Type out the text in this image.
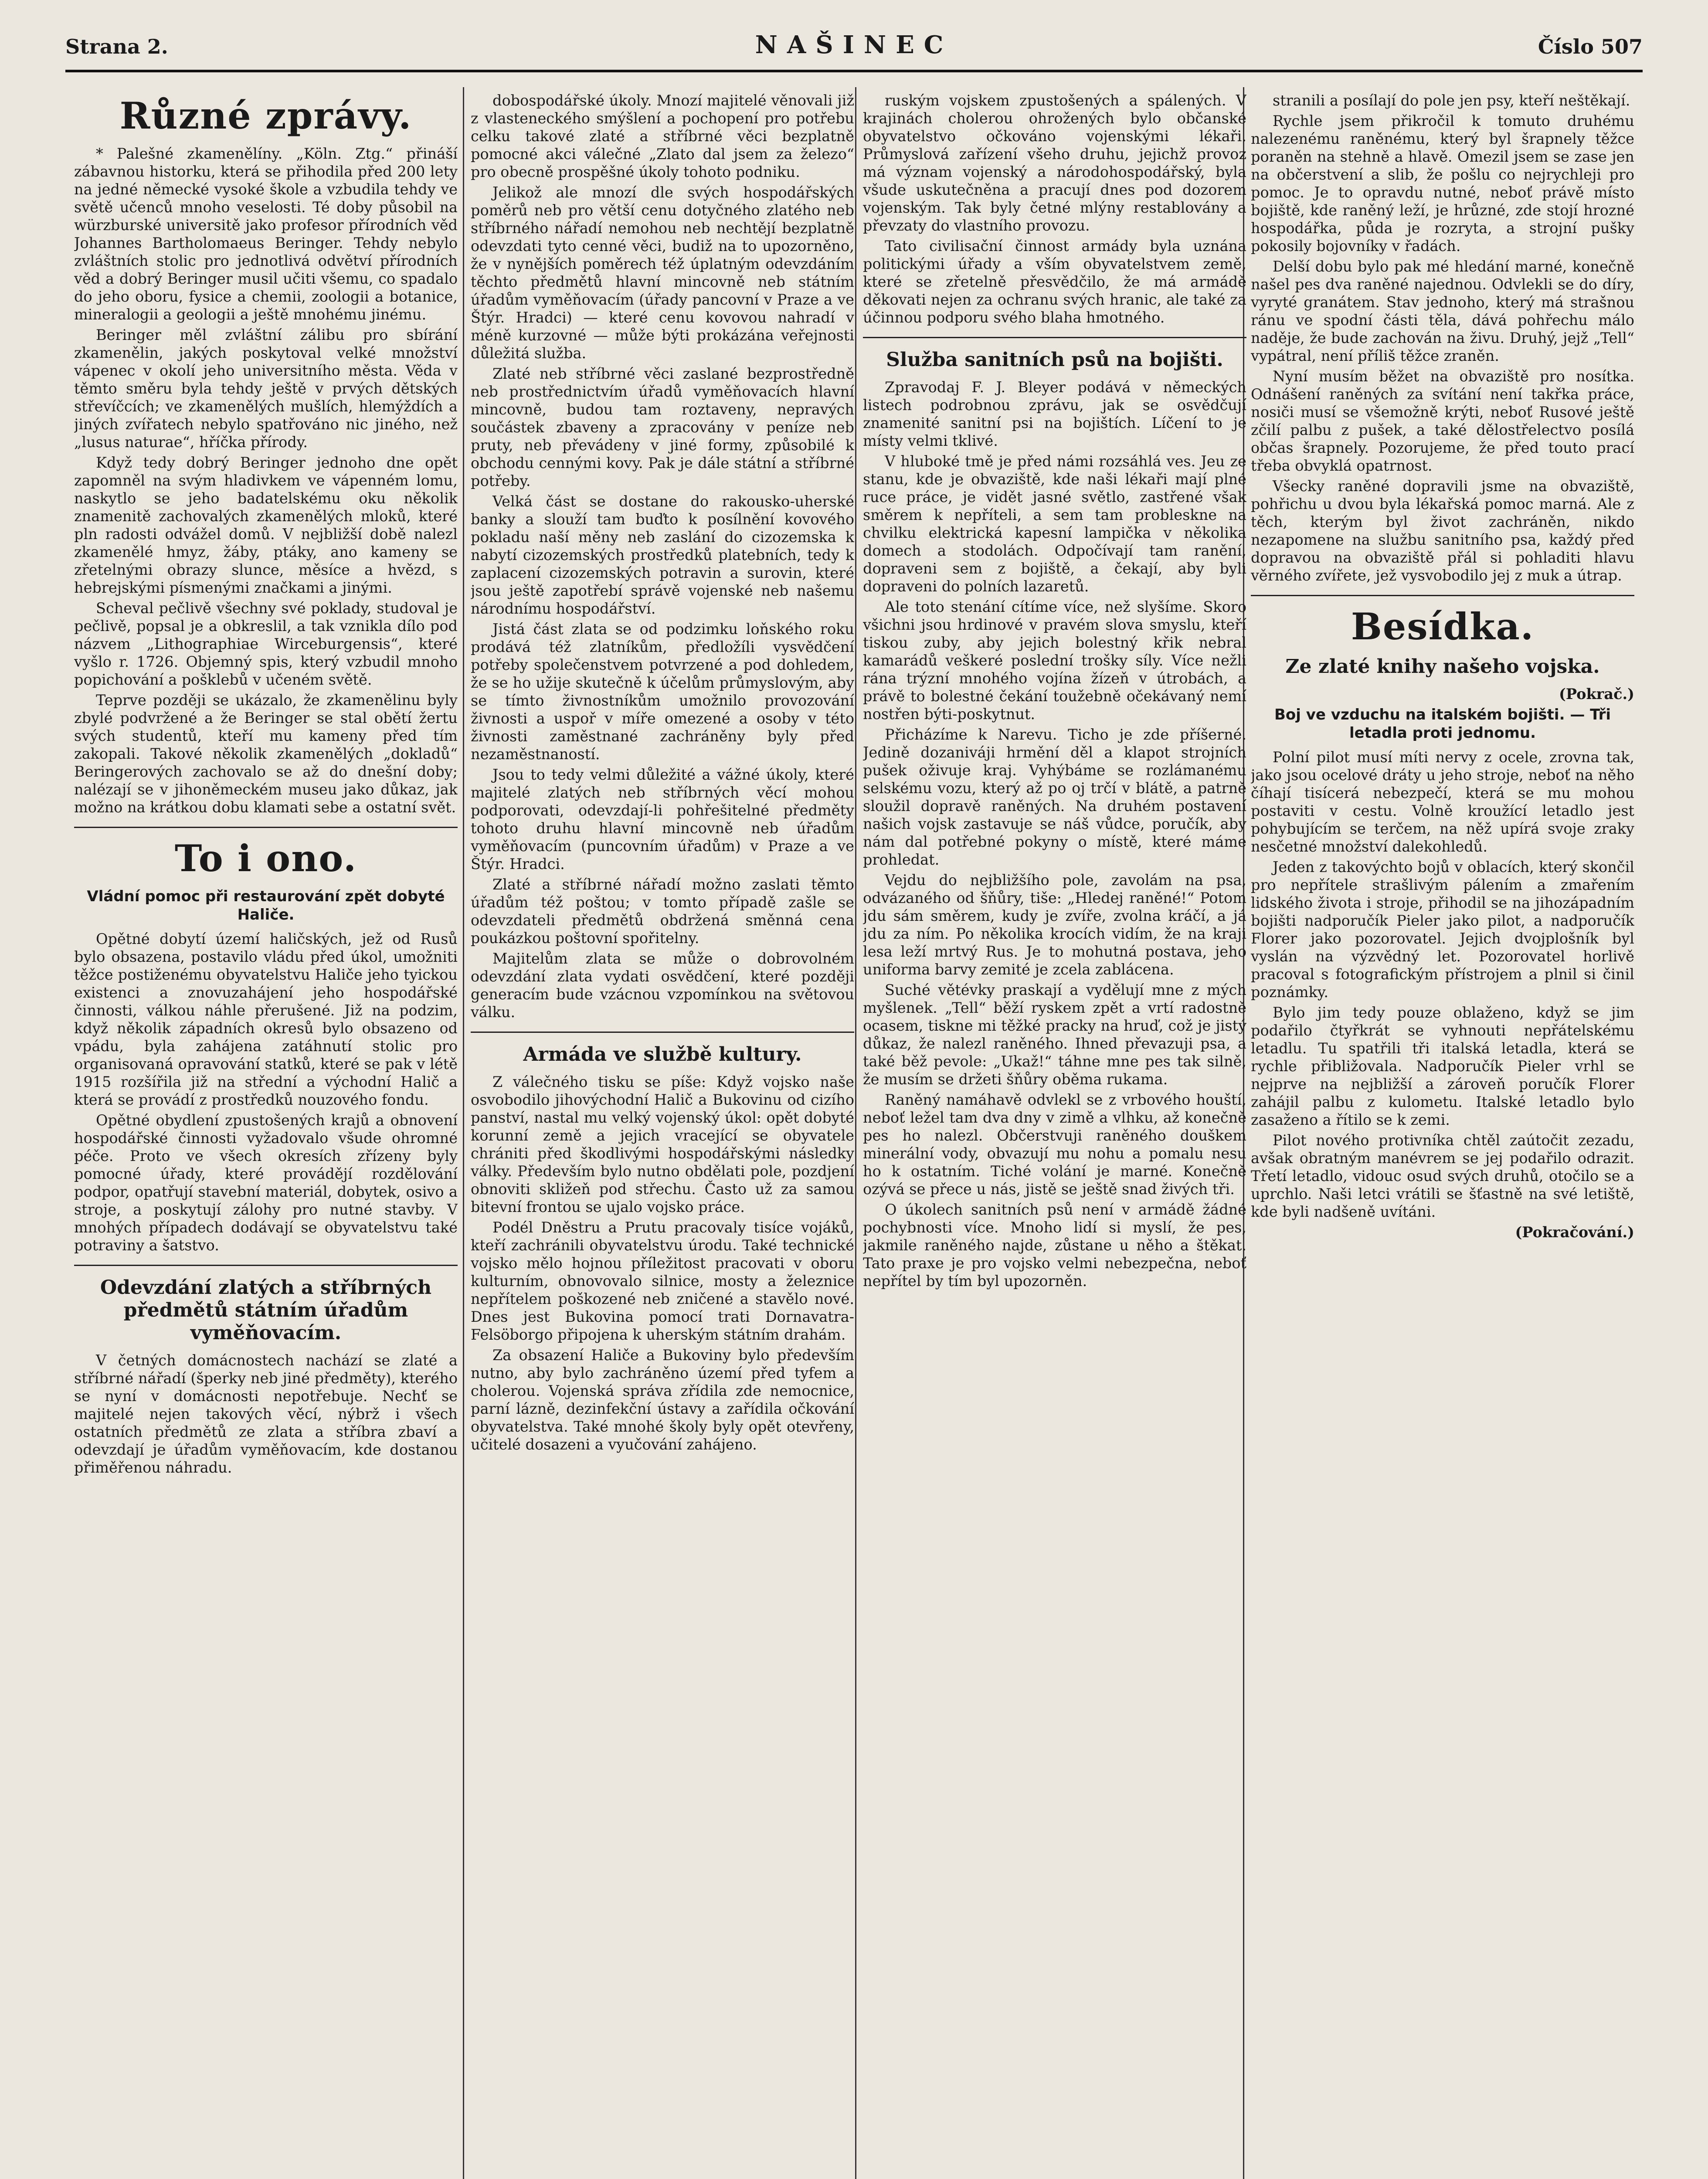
Strana 2.	NAŠINEC	Číslo 507
Různé zprávy.

* Palešné zkamenělíny. „Köln. Ztg.“ přináší zábavnou historku, která se přihodila před 200 lety na jedné německé vysoké škole a vzbudila tehdy ve světě učenců mnoho veselosti. Té doby působil na würzburské universitě jako profesor přírodních věd Johannes Bartholomaeus Beringer. Tehdy nebylo zvláštních stolic pro jednotlivá odvětví přírodních věd a dobrý Beringer musil učiti všemu, co spadalo do jeho oboru, fysice a chemii, zoologii a botanice, mineralogii a geologii a ještě mnohému jinému.

Beringer měl zvláštní zálibu pro sbírání zkamenělin, jakých poskytoval velké množství vápenec v okolí jeho universitního města. Věda v těmto směru byla tehdy ještě v prvých dětských střevíčcích; ve zkamenělých mušlích, hlemýždích a jiných zvířatech nebylo spatřováno nic jiného, než „lusus naturae“, hříčka přírody.

Když tedy dobrý Beringer jednoho dne opět zapomněl na svým hladivkem ve vápenném lomu, naskytlo se jeho badatelskému oku několik znamenitě zachovalých zkamenělých mloků, které pln radosti odvážel domů. V nejbližší době nalezl zkamenělé hmyz, žáby, ptáky, ano kameny se zřetelnými obrazy slunce, měsíce a hvězd, s hebrejskými písmenými značkami a jinými.

Scheval pečlivě všechny své poklady, studoval je pečlivě, popsal je a obkreslil, a tak vznikla dílo pod názvem „Lithographiae Wirceburgensis“, které vyšlo r. 1726. Objemný spis, který vzbudil mnoho popichování a pošklebů v učeném světě.

Teprve později se ukázalo, že zkamenělinu byly zbylé podvržené a že Beringer se stal obětí žertu svých studentů, kteří mu kameny před tím zakopali. Takové několik zkamenělých „dokladů“ Beringerových zachovalo se až do dnešní doby; nalézají se v jihoněmeckém museu jako důkaz, jak možno na krátkou dobu klamati sebe a ostatní svět.

To i ono.
Vládní pomoc při restaurování zpět dobyté Haliče.

Opětné dobytí území haličských, jež od Rusů bylo obsazena, postavilo vládu před úkol, umožniti těžce postiženému obyvatelstvu Haliče jeho tyickou existenci a znovuzahájení jeho hospodářské činnosti, válkou náhle přerušené. Již na podzim, když několik západních okresů bylo obsazeno od vpádu, byla zahájena zatáhnutí stolic pro organisovaná opravování statků, které se pak v létě 1915 rozšířila již na střední a východní Halič a která se provádí z prostředků nouzového fondu.

Opětné obydlení zpustošených krajů a obnovení hospodářské činnosti vyžadovalo všude ohromné péče. Proto ve všech okresích zřízeny byly pomocné úřady, které provádějí rozdělování podpor, opatřují stavební materiál, dobytek, osivo a stroje, a poskytují zálohy pro nutné stavby. V mnohých případech dodávají se obyvatelstvu také potraviny a šatstvo.

Odevzdání zlatých a stříbrných předmětů státním úřadům vyměňovacím.

V četných domácnostech nachází se zlaté a stříbrné nářadí (šperky neb jiné předměty), kterého se nyní v domácnosti nepotřebuje. Nechť se majitelé nejen takových věcí, nýbrž i všech ostatních předmětů ze zlata a stříbra zbaví a odevzdají je úřadům vyměňovacím, kde dostanou přiměřenou náhradu.

dobospodářské úkoly. Mnozí majitelé věnovali již z vlasteneckého smýšlení a pochopení pro potřebu celku takové zlaté a stříbrné věci bezplatně pomocné akci válečné „Zlato dal jsem za železo“ pro obecně prospěšné úkoly tohoto podniku.

Jelikož ale mnozí dle svých hospodářských poměrů neb pro větší cenu dotyčného zlatého neb stříbrného nářadí nemohou neb nechtějí bezplatně odevzdati tyto cenné věci, budiž na to upozorněno, že v nynějších poměrech též úplatným odevzdáním těchto předmětů hlavní mincovně neb státním úřadům vyměňovacím (úřady pancovní v Praze a ve Štýr. Hradci) — které cenu kovovou nahradí v méně kurzovné — může býti prokázána veřejnosti důležitá služba.

Zlaté neb stříbrné věci zaslané bezprostředně neb prostřednictvím úřadů vyměňovacích hlavní mincovně, budou tam roztaveny, nepravých součástek zbaveny a zpracovány v peníze neb pruty, neb převádeny v jiné formy, způsobilé k obchodu cennými kovy. Pak je dále státní a stříbrné potřeby.

Velká část se dostane do rakousko-uherské banky a slouží tam buďto k posílnění kovového pokladu naší měny neb zaslání do cizozemska k nabytí cizozemských prostředků platebních, tedy k zaplacení cizozemských potravin a surovin, které jsou ještě zapotřebí správě vojenské neb našemu národnímu hospodářství.

Jistá část zlata se od podzimku loňského roku prodává též zlatníkům, předložíli vysvědčení potřeby společenstvem potvrzené a pod dohledem, že se ho užije skutečně k účelům průmyslovým, aby se tímto živnostníkům umožnilo provozování živnosti a uspoř v míře omezené a osoby v této živnosti zaměstnané zachráněny byly před nezaměstnaností.

Jsou to tedy velmi důležité a vážné úkoly, které majitelé zlatých neb stříbrných věcí mohou podporovati, odevzdají-li pohřešitelné předměty tohoto druhu hlavní mincovně neb úřadům vyměňovacím (puncovním úřadům) v Praze a ve Štýr. Hradci.

Zlaté a stříbrné nářadí možno zaslati těmto úřadům též poštou; v tomto případě zašle se odevzdateli předmětů obdržená směnná cena poukázkou poštovní spořitelny.

Majitelům zlata se může o dobrovolném odevzdání zlata vydati osvědčení, které později generacím bude vzácnou vzpomínkou na světovou válku.

Armáda ve službě kultury.

Z válečného tisku se píše: Když vojsko naše osvobodilo jihovýchodní Halič a Bukovinu od cizího panství, nastal mu velký vojenský úkol: opět dobyté korunní země a jejich vracející se obyvatele chrániti před škodlivými hospodářskými následky války. Především bylo nutno obdělati pole, pozdjení obnoviti skližeň pod střechu. Často už za samou bitevní frontou se ujalo vojsko práce.

Podél Dněstru a Prutu pracovaly tisíce vojáků, kteří zachránili obyvatelstvu úrodu. Také technické vojsko mělo hojnou příležitost pracovati v oboru kulturním, obnovovalo silnice, mosty a železnice nepřítelem poškozené neb zničené a stavělo nové. Dnes jest Bukovina pomocí trati Dornavatra-Felsöborgo připojena k uherským státním drahám.

Za obsazení Haliče a Bukoviny bylo především nutno, aby bylo zachráněno území před tyfem a cholerou. Vojenská správa zřídila zde nemocnice, parní lázně, dezinfekční ústavy a zařídila očkování obyvatelstva. Také mnohé školy byly opět otevřeny, učitelé dosazeni a vyučování zahájeno.

ruským vojskem zpustošených a spálených. V krajinách cholerou ohrožených bylo občanské obyvatelstvo očkováno vojenskými lékaři. Průmyslová zařízení všeho druhu, jejichž provoz má význam vojenský a národohospodářský, byla všude uskutečněna a pracují dnes pod dozorem vojenským. Tak byly četné mlýny restablovány a převzaty do vlastního provozu.

Tato civilisační činnost armády byla uznána politickými úřady a vším obyvatelstvem země, které se zřetelně přesvědčilo, že má armádě děkovati nejen za ochranu svých hranic, ale také za účinnou podporu svého blaha hmotného.

Služba sanitních psů na bojišti.

Zpravodaj F. J. Bleyer podává v německých listech podrobnou zprávu, jak se osvědčují znamenité sanitní psi na bojištích. Líčení to je místy velmi tklivé.

V hluboké tmě je před námi rozsáhlá ves. Jeu ze stanu, kde je obvaziště, kde naši lékaři mají plné ruce práce, je vidět jasné světlo, zastřené však směrem k nepříteli, a sem tam probleskne na chvilku elektrická kapesní lampička v několika domech a stodolách. Odpočívají tam ranění, dopraveni sem z bojiště, a čekají, aby byli dopraveni do polních lazaretů.

Ale toto stenání cítíme více, než slyšíme. Skoro všichni jsou hrdinové v pravém slova smyslu, kteří tiskou zuby, aby jejich bolestný křik nebral kamarádů veškeré poslední trošky síly. Více nežli rána trýzní mnohého vojína žízeň v útrobách, a právě to bolestné čekání toužebně očekávaný nemí nostřen býti-poskytnut.

Přicházíme k Narevu. Ticho je zde příšerné. Jedině dozaniváji hrmění děl a klapot strojních pušek oživuje kraj. Vyhýbáme se rozlámanému selskému vozu, který až po oj trčí v blátě, a patrně sloužil dopravě raněných. Na druhém postavení našich vojsk zastavuje se náš vůdce, poručík, aby nám dal potřebné pokyny o místě, které máme prohledat.

Vejdu do nejbližšího pole, zavolám na psa, odvázaného od šňůry, tiše: „Hledej raněné!“ Potom jdu sám směrem, kudy je zvíře, zvolna kráčí, a já jdu za ním. Po několika krocích vidím, že na kraji lesa leží mrtvý Rus. Je to mohutná postava, jeho uniforma barvy zemité je zcela zablácena.

Suché větévky praskají a vydělují mne z mých myšlenek. „Tell“ běží ryskem zpět a vrtí radostně ocasem, tiskne mi těžké pracky na hruď, což je jistý důkaz, že nalezl raněného. Ihned převazuji psa, a také běž pevole: „Ukaž!“ táhne mne pes tak silně, že musím se držeti šňůry oběma rukama.

Raněný namáhavě odvlekl se z vrbového houští, neboť ležel tam dva dny v zimě a vlhku, až konečně pes ho nalezl. Občerstvuji raněného douškem minerální vody, obvazují mu nohu a pomalu nesu ho k ostatním. Tiché volání je marné. Konečně ozývá se přece u nás, jistě se ještě snad živých tři.

O úkolech sanitních psů není v armádě žádné pochybnosti více. Mnoho lidí si myslí, že pes, jakmile raněného najde, zůstane u něho a štěkat. Tato praxe je pro vojsko velmi nebezpečna, neboť nepřítel by tím byl upozorněn.

stranili a posílají do pole jen psy, kteří neštěkají.

Rychle jsem přikročil k tomuto druhému nalezenému raněnému, který byl šrapnely těžce poraněn na stehně a hlavě. Omezil jsem se zase jen na občerstvení a slib, že pošlu co nejrychleji pro pomoc. Je to opravdu nutné, neboť právě místo bojiště, kde raněný leží, je hrůzné, zde stojí hrozné hospodářka, půda je rozryta, a strojní pušky pokosily bojovníky v řadách.

Delší dobu bylo pak mé hledání marné, konečně našel pes dva raněné najednou. Odvlekli se do díry, vyryté granátem. Stav jednoho, který má strašnou ránu ve spodní části těla, dává pohřechu málo naděje, že bude zachován na živu. Druhý, jejž „Tell“ vypátral, není příliš těžce zraněn.

Nyní musím běžet na obvaziště pro nosítka. Odnášení raněných za svítání není takřka práce, nosiči musí se všemožně krýti, neboť Rusové ještě zčilí palbu z pušek, a také dělostřelectvo posílá občas šrapnely. Pozorujeme, že před touto prací třeba obvyklá opatrnost.

Všecky raněné dopravili jsme na obvaziště, pohřichu u dvou byla lékařská pomoc marná. Ale z těch, kterým byl život zachráněn, nikdo nezapomene na službu sanitního psa, každý před dopravou na obvaziště přál si pohladiti hlavu věrného zvířete, jež vysvobodilo jej z muk a útrap.

Besídka.
Ze zlaté knihy našeho vojska.

(Pokrač.)

Boj ve vzduchu na italském bojišti. — Tři letadla proti jednomu.

Polní pilot musí míti nervy z ocele, zrovna tak, jako jsou ocelové dráty u jeho stroje, neboť na něho číhají tisícerá nebezpečí, která se mu mohou postaviti v cestu. Volně kroužící letadlo jest pohybujícím se terčem, na něž upírá svoje zraky nesčetné množství dalekohledů.

Jeden z takovýchto bojů v oblacích, který skončil pro nepřítele strašlivým pálením a zmařením lidského života i stroje, přihodil se na jihozápadním bojišti nadporučík Pieler jako pilot, a nadporučík Florer jako pozorovatel. Jejich dvojplošník byl vyslán na výzvědný let. Pozorovatel horlivě pracoval s fotografickým přístrojem a plnil si činil poznámky.

Bylo jim tedy pouze oblaženo, když se jim podařilo čtyřkrát se vyhnouti nepřátelskému letadlu. Tu spatřili tři italská letadla, která se rychle přibližovala. Nadporučík Pieler vrhl se nejprve na nejbližší a zároveň poručík Florer zahájil palbu z kulometu. Italské letadlo bylo zasaženo a řítilo se k zemi.

Pilot nového protivníka chtěl zaútočit zezadu, avšak obratným manévrem se jej podařilo odrazit. Třetí letadlo, vidouc osud svých druhů, otočilo se a uprchlo. Naši letci vrátili se šťastně na své letiště, kde byli nadšeně uvítáni.

(Pokračování.)
